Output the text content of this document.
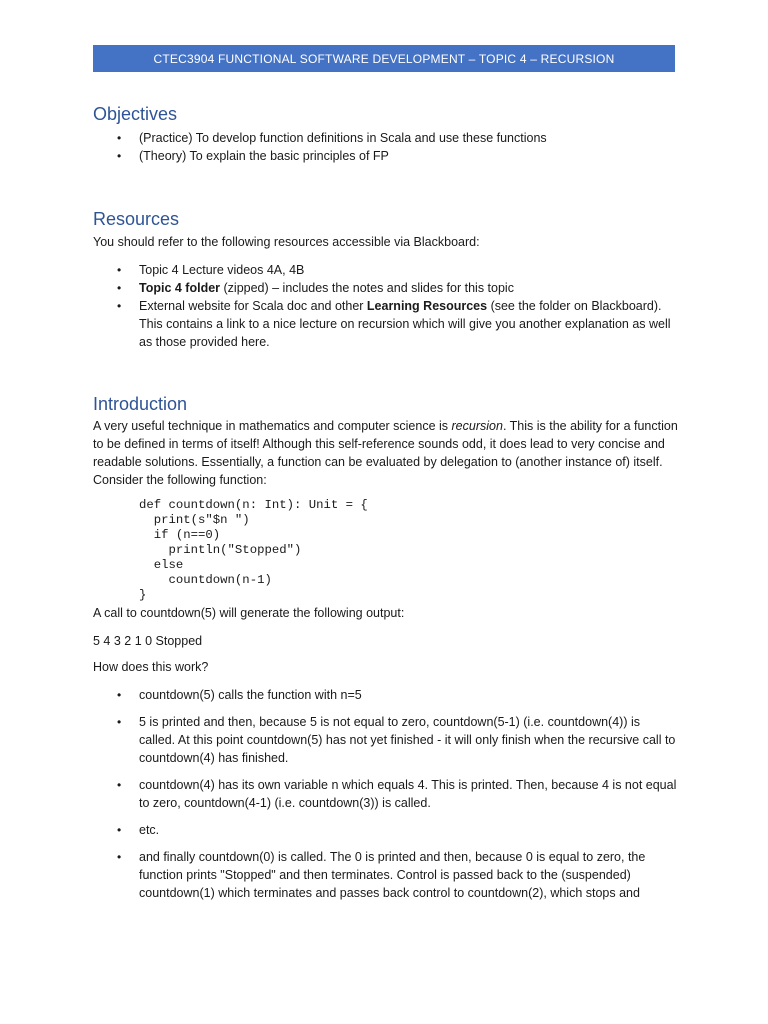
CTEC3904 FUNCTIONAL SOFTWARE DEVELOPMENT – TOPIC 4 – RECURSION
Objectives
• (Practice) To develop function definitions in Scala and use these functions
• (Theory) To explain the basic principles of FP
Resources

You should refer to the following resources accessible via Blackboard:

• Topic 4 Lecture videos 4A, 4B
• Topic 4 folder (zipped) – includes the notes and slides for this topic
• External website for Scala doc and other Learning Resources (see the folder on Blackboard). This contains a link to a nice lecture on recursion which will give you another explanation as well as those provided here.
Introduction

A very useful technique in mathematics and computer science is recursion. This is the ability for a function to be defined in terms of itself! Although this self-reference sounds odd, it does lead to very concise and readable solutions. Essentially, a function can be evaluated by delegation to (another instance of) itself. Consider the following function:

def countdown(n: Int): Unit = {
print(s"$n ")
if (n==0)
println("Stopped")
else
countdown(n-1)
}

A call to countdown(5) will generate the following output:

5 4 3 2 1 0 Stopped

How does this work?

• countdown(5) calls the function with n=5
• 5 is printed and then, because 5 is not equal to zero, countdown(5-1) (i.e. countdown(4)) is called. At this point countdown(5) has not yet finished - it will only finish when the recursive call to countdown(4) has finished.
• countdown(4) has its own variable n which equals 4. This is printed. Then, because 4 is not equal to zero, countdown(4-1) (i.e. countdown(3)) is called.
• etc.
• and finally countdown(0) is called. The 0 is printed and then, because 0 is equal to zero, the function prints "Stopped" and then terminates. Control is passed back to the (suspended) countdown(1) which terminates and passes back control to countdown(2), which stops and
